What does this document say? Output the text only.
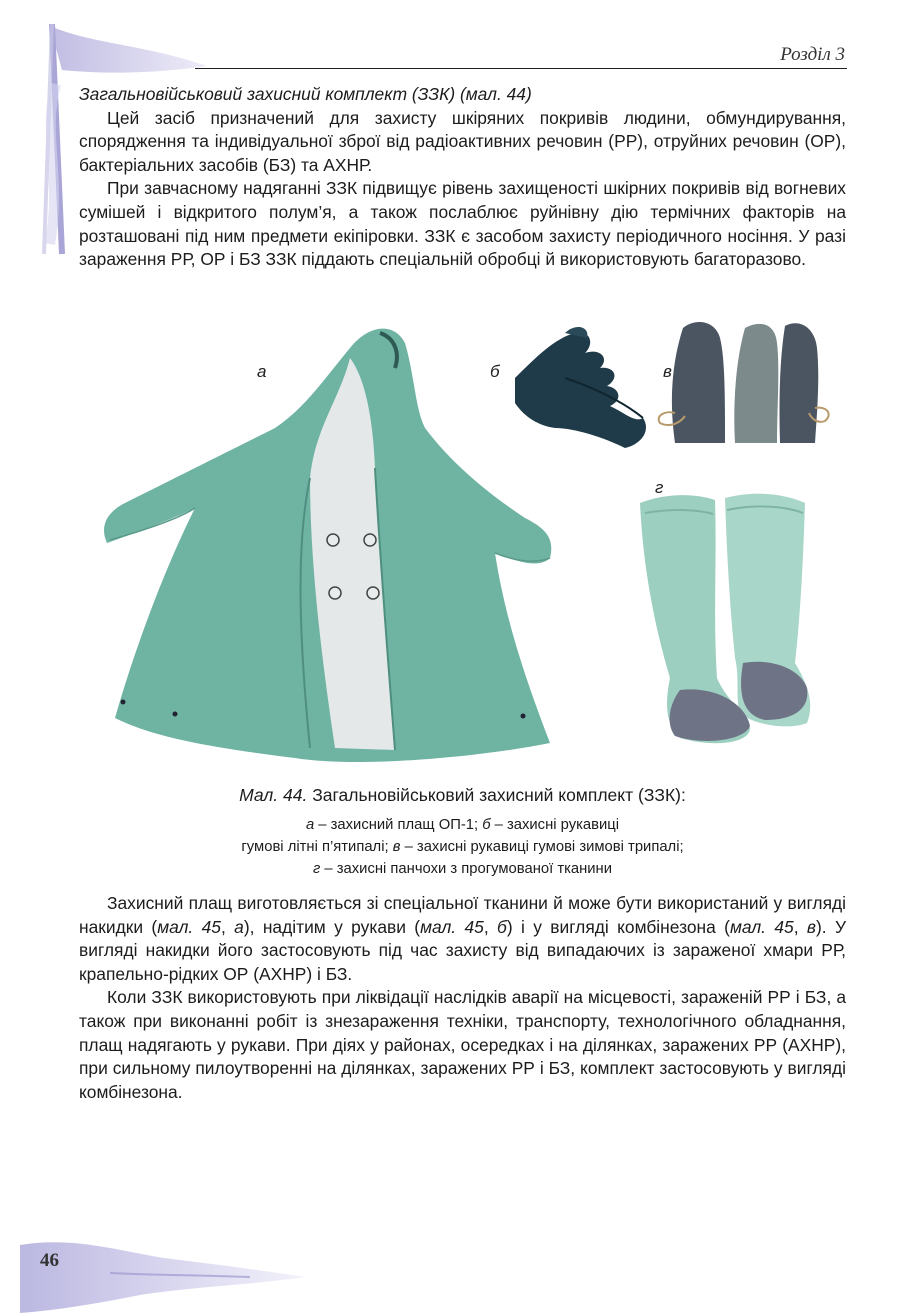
Розділ 3

Загальновійськовий захисний комплект (ЗЗК) (мал. 44)

Цей засіб призначений для захисту шкіряних покривів людини, обмундирування, спорядження та індивідуальної зброї від радіоактивних речовин (РР), отруйних речовин (ОР), бактеріальних засобів (БЗ) та АХНР.

При завчасному надяганні ЗЗК підвищує рівень захищеності шкірних покривів від вогневих сумішей і відкритого полум’я, а також послаблює руйнівну дію термічних факторів на розташовані під ним предмети екіпіровки. ЗЗК є засобом захисту періодичного носіння. У разі зараження РР, ОР і БЗ ЗЗК піддають спеціальній обробці й використовують багаторазово.

а	б	в
г
Мал. 44. Загальновійськовий захисний комплект (ЗЗК):
а – захисний плащ ОП-1; б – захисні рукавиці
гумові літні п’ятипалі; в – захисні рукавиці гумові зимові трипалі;
г – захисні панчохи з прогумованої тканини

Захисний плащ виготовляється зі спеціальної тканини й може бути використаний у вигляді накидки (мал. 45, а), надітим у рукави (мал. 45, б) і у вигляді комбінезона (мал. 45, в). У вигляді накидки його застосовують під час захисту від випадаючих із зараженої хмари РР, крапельно-рідких ОР (АХНР) і БЗ.

Коли ЗЗК використовують при ліквідації наслідків аварії на місцевості, зараженій РР і БЗ, а також при виконанні робіт із знезараження техніки, транспорту, технологічного обладнання, плащ надягають у рукави. При діях у районах, осередках і на ділянках, заражених РР (АХНР), при сильному пилоутворенні на ділянках, заражених РР і БЗ, комплект застосовують у вигляді комбінезона.

46
